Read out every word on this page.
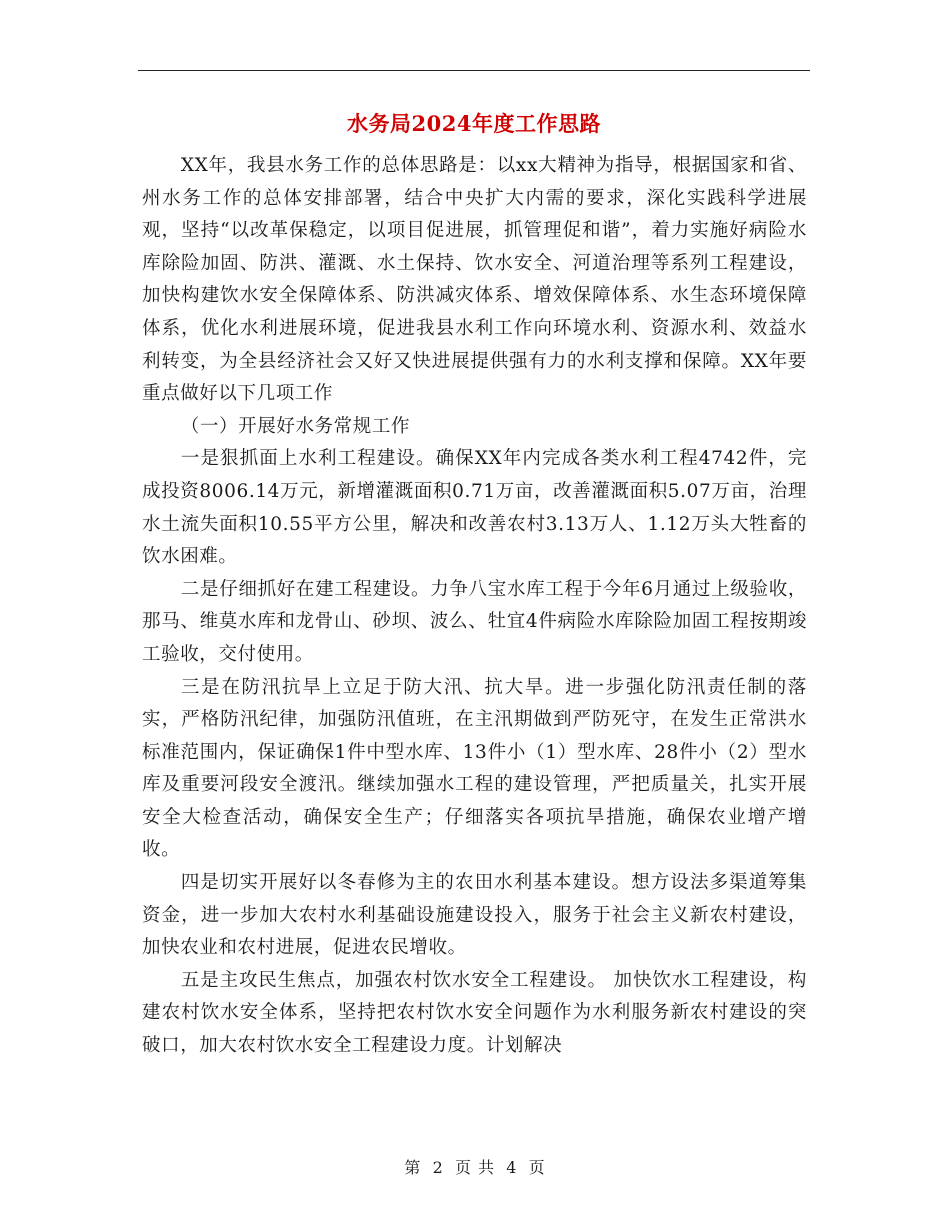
水务局2024年度工作思路

XX年，我县水务工作的总体思路是：以xx大精神为指导，根据国家和省、州水务工作的总体安排部署，结合中央扩大内需的要求，深化实践科学进展观，坚持“以改革保稳定，以项目促进展，抓管理促和谐”，着力实施好病险水库除险加固、防洪、灌溉、水土保持、饮水安全、河道治理等系列工程建设，加快构建饮水安全保障体系、防洪减灾体系、增效保障体系、水生态环境保障体系，优化水利进展环境，促进我县水利工作向环境水利、资源水利、效益水利转变，为全县经济社会又好又快进展提供强有力的水利支撑和保障。XX年要重点做好以下几项工作

（一）开展好水务常规工作

一是狠抓面上水利工程建设。确保XX年内完成各类水利工程4742件，完成投资8006.14万元，新增灌溉面积0.71万亩，改善灌溉面积5.07万亩，治理水土流失面积10.55平方公里，解决和改善农村3.13万人、1.12万头大牲畜的饮水困难。

二是仔细抓好在建工程建设。力争八宝水库工程于今年6月通过上级验收，那马、维莫水库和龙骨山、砂坝、波么、牡宜4件病险水库除险加固工程按期竣工验收，交付使用。

三是在防汛抗旱上立足于防大汛、抗大旱。进一步强化防汛责任制的落实，严格防汛纪律，加强防汛值班，在主汛期做到严防死守，在发生正常洪水标准范围内，保证确保1件中型水库、13件小（1）型水库、28件小（2）型水库及重要河段安全渡汛。继续加强水工程的建设管理，严把质量关，扎实开展安全大检查活动，确保安全生产；仔细落实各项抗旱措施，确保农业增产增收。

四是切实开展好以冬春修为主的农田水利基本建设。想方设法多渠道筹集资金，进一步加大农村水利基础设施建设投入，服务于社会主义新农村建设，加快农业和农村进展，促进农民增收。

五是主攻民生焦点，加强农村饮水安全工程建设。 加快饮水工程建设，构建农村饮水安全体系，坚持把农村饮水安全问题作为水利服务新农村建设的突破口，加大农村饮水安全工程建设力度。计划解决

第 2 页 共 4 页
